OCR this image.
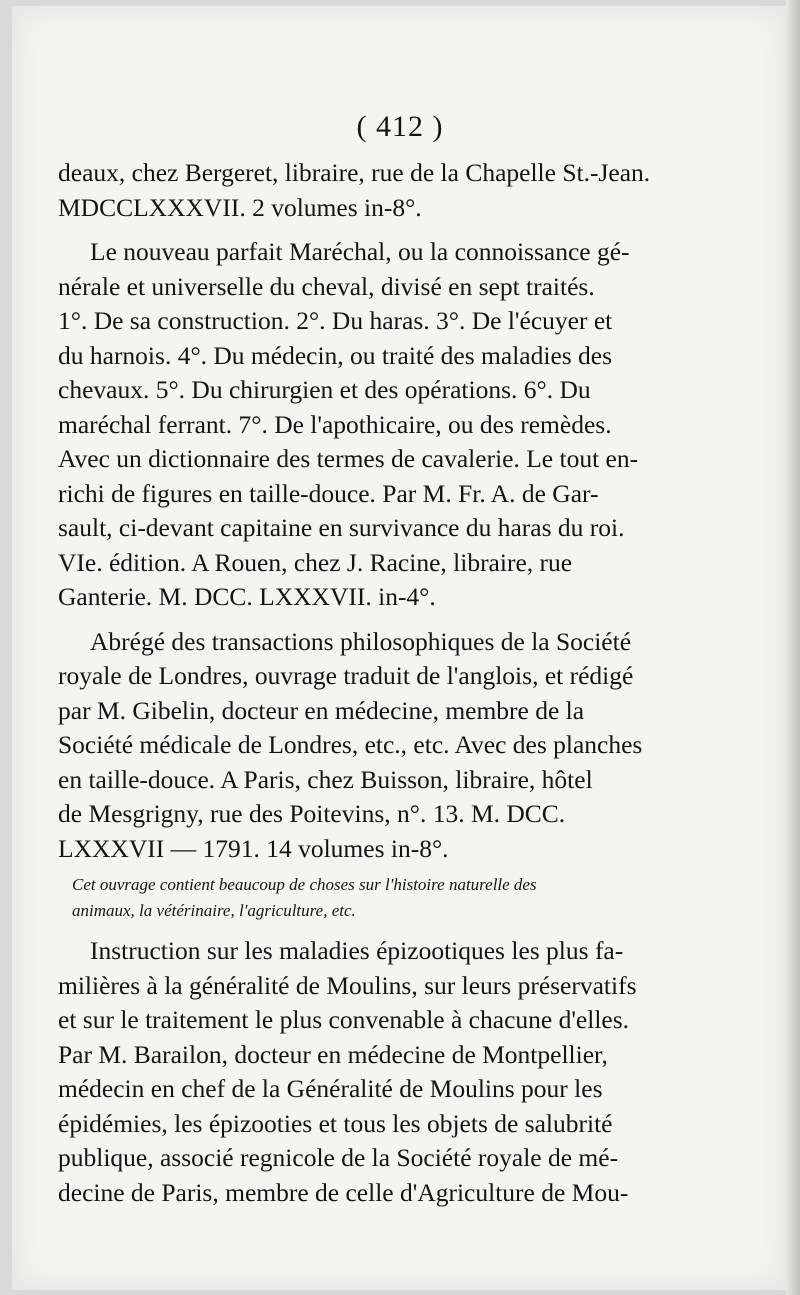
( 412 )

deaux, chez Bergeret, libraire, rue de la Chapelle St.-Jean.
MDCCLXXXVII. 2 volumes in-8°.

Le nouveau parfait Maréchal, ou la connoissance gé-
nérale et universelle du cheval, divisé en sept traités.
1°. De sa construction. 2°. Du haras. 3°. De l'écuyer et
du harnois. 4°. Du médecin, ou traité des maladies des
chevaux. 5°. Du chirurgien et des opérations. 6°. Du
maréchal ferrant. 7°. De l'apothicaire, ou des remèdes.
Avec un dictionnaire des termes de cavalerie. Le tout en-
richi de figures en taille-douce. Par M. Fr. A. de Gar-
sault, ci-devant capitaine en survivance du haras du roi.
VIe. édition. A Rouen, chez J. Racine, libraire, rue
Ganterie. M. DCC. LXXXVII. in-4°.

Abrégé des transactions philosophiques de la Société
royale de Londres, ouvrage traduit de l'anglois, et rédigé
par M. Gibelin, docteur en médecine, membre de la
Société médicale de Londres, etc., etc. Avec des planches
en taille-douce. A Paris, chez Buisson, libraire, hôtel
de Mesgrigny, rue des Poitevins, n°. 13. M. DCC.
LXXXVII — 1791. 14 volumes in-8°.

Cet ouvrage contient beaucoup de choses sur l'histoire naturelle des
animaux, la vétérinaire, l'agriculture, etc.

Instruction sur les maladies épizootiques les plus fa-
milières à la généralité de Moulins, sur leurs préservatifs
et sur le traitement le plus convenable à chacune d'elles.
Par M. Barailon, docteur en médecine de Montpellier,
médecin en chef de la Généralité de Moulins pour les
épidémies, les épizooties et tous les objets de salubrité
publique, associé regnicole de la Société royale de mé-
decine de Paris, membre de celle d'Agriculture de Mou-
